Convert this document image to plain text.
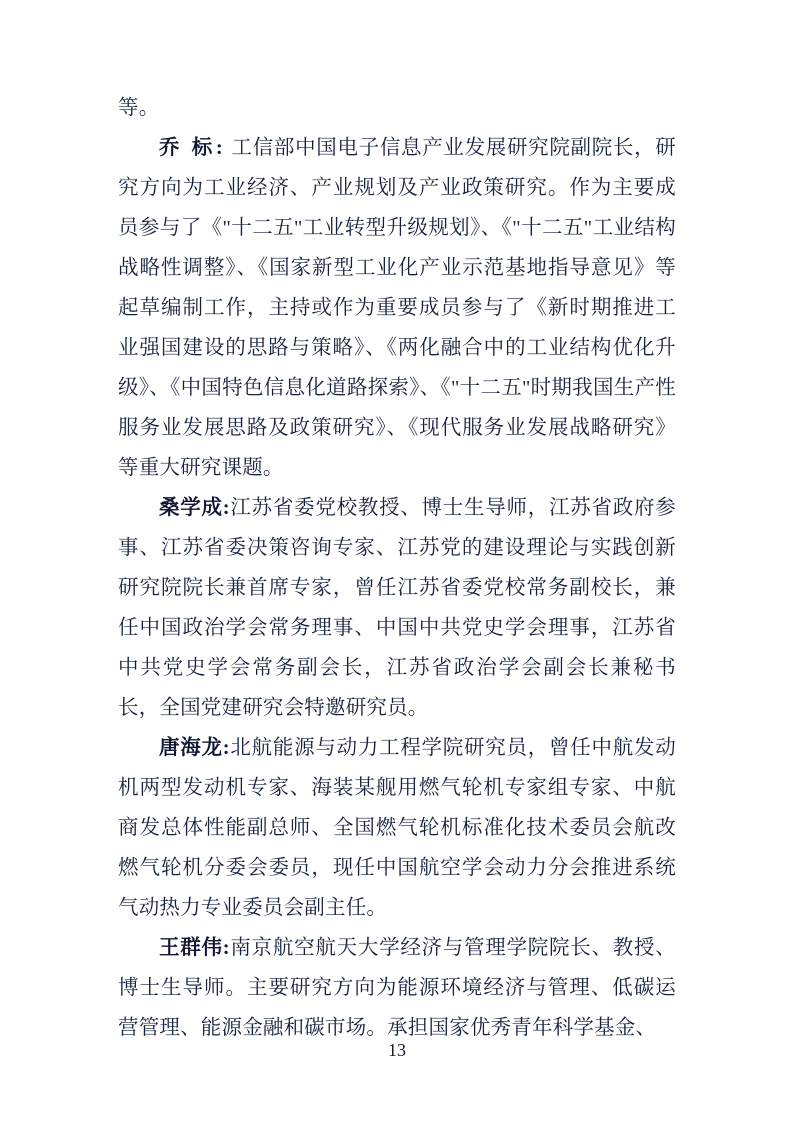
等。

乔 标: 工信部中国电子信息产业发展研究院副院长，研究方向为工业经济、产业规划及产业政策研究。作为主要成员参与了《"十二五"工业转型升级规划》、《"十二五"工业结构战略性调整》、《国家新型工业化产业示范基地指导意见》等起草编制工作，主持或作为重要成员参与了《新时期推进工业强国建设的思路与策略》、《两化融合中的工业结构优化升级》、《中国特色信息化道路探索》、《"十二五"时期我国生产性服务业发展思路及政策研究》、《现代服务业发展战略研究》等重大研究课题。

桑学成:江苏省委党校教授、博士生导师，江苏省政府参事、江苏省委决策咨询专家、江苏党的建设理论与实践创新研究院院长兼首席专家，曾任江苏省委党校常务副校长，兼任中国政治学会常务理事、中国中共党史学会理事，江苏省中共党史学会常务副会长，江苏省政治学会副会长兼秘书长，全国党建研究会特邀研究员。

唐海龙:北航能源与动力工程学院研究员，曾任中航发动机两型发动机专家、海装某舰用燃气轮机专家组专家、中航商发总体性能副总师、全国燃气轮机标准化技术委员会航改燃气轮机分委会委员，现任中国航空学会动力分会推进系统气动热力专业委员会副主任。

王群伟:南京航空航天大学经济与管理学院院长、教授、博士生导师。主要研究方向为能源环境经济与管理、低碳运营管理、能源金融和碳市场。承担国家优秀青年科学基金、

13
